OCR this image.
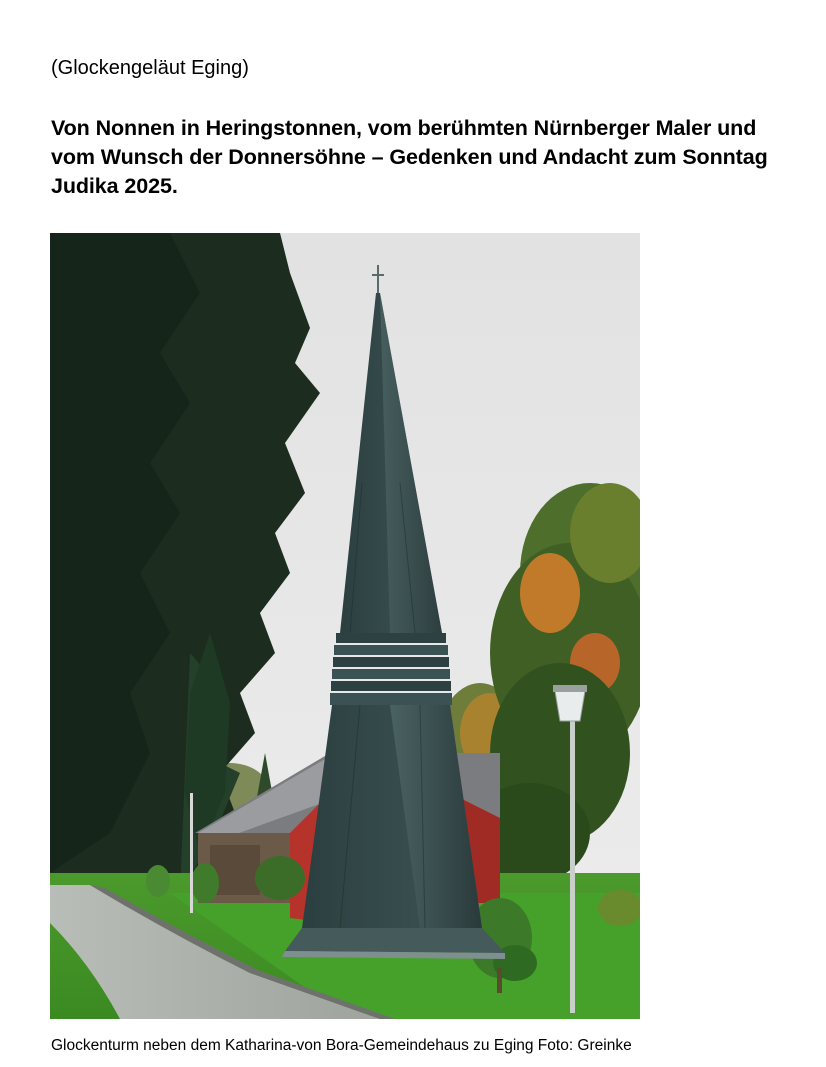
(Glockengeläut Eging)

Von Nonnen in Heringstonnen, vom berühmten Nürnberger Maler und vom Wunsch der Donnersöhne – Gedenken und Andacht zum Sonntag Judika 2025.

Glockenturm neben dem Katharina-von Bora-Gemeindehaus zu Eging Foto: Greinke
